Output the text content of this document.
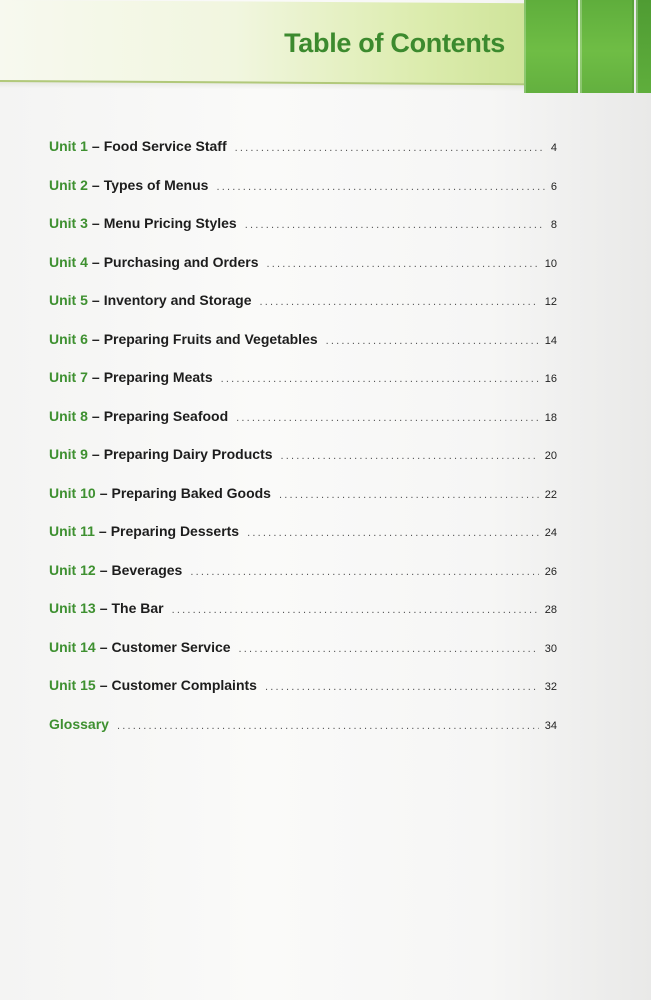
Table of Contents
Unit 1 – Food Service Staff .....	4
Unit 2 – Types of Menus .....	6
Unit 3 – Menu Pricing Styles .....	8
Unit 4 – Purchasing and Orders .....	10
Unit 5 – Inventory and Storage .....	12
Unit 6 – Preparing Fruits and Vegetables .....	14
Unit 7 – Preparing Meats .....	16
Unit 8 – Preparing Seafood .....	18
Unit 9 – Preparing Dairy Products .....	20
Unit 10 – Preparing Baked Goods .....	22
Unit 11 – Preparing Desserts .....	24
Unit 12 – Beverages .....	26
Unit 13 – The Bar .....	28
Unit 14 – Customer Service .....	30
Unit 15 – Customer Complaints .....	32
Glossary .....	34
